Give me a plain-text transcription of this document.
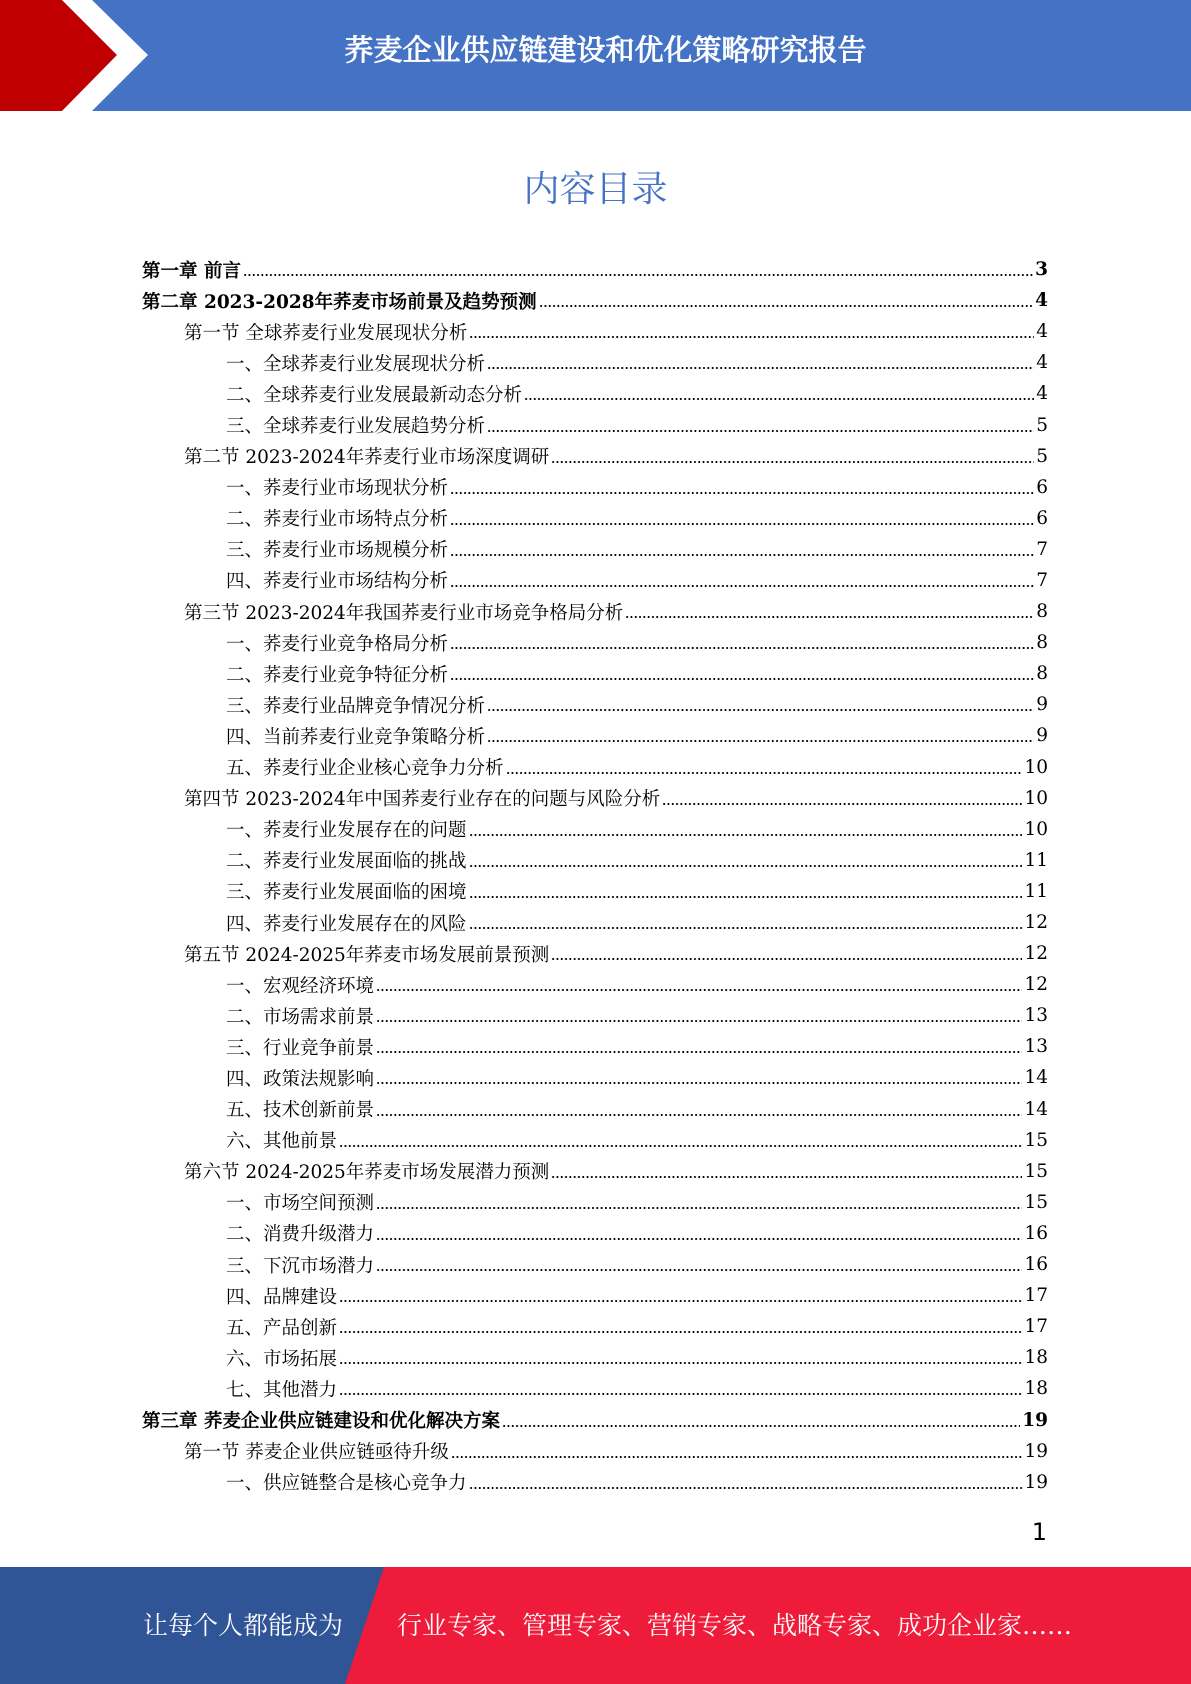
荞麦企业供应链建设和优化策略研究报告
内容目录
第一章 前言	3
第二章 2023-2028年荞麦市场前景及趋势预测	4
第一节 全球荞麦行业发展现状分析	4
一、全球荞麦行业发展现状分析	4
二、全球荞麦行业发展最新动态分析	4
三、全球荞麦行业发展趋势分析	5
第二节 2023-2024年荞麦行业市场深度调研	5
一、荞麦行业市场现状分析	6
二、荞麦行业市场特点分析	6
三、荞麦行业市场规模分析	7
四、荞麦行业市场结构分析	7
第三节 2023-2024年我国荞麦行业市场竞争格局分析	8
一、荞麦行业竞争格局分析	8
二、荞麦行业竞争特征分析	8
三、荞麦行业品牌竞争情况分析	9
四、当前荞麦行业竞争策略分析	9
五、荞麦行业企业核心竞争力分析	10
第四节 2023-2024年中国荞麦行业存在的问题与风险分析	10
一、荞麦行业发展存在的问题	10
二、荞麦行业发展面临的挑战	11
三、荞麦行业发展面临的困境	11
四、荞麦行业发展存在的风险	12
第五节 2024-2025年荞麦市场发展前景预测	12
一、宏观经济环境	12
二、市场需求前景	13
三、行业竞争前景	13
四、政策法规影响	14
五、技术创新前景	14
六、其他前景	15
第六节 2024-2025年荞麦市场发展潜力预测	15
一、市场空间预测	15
二、消费升级潜力	16
三、下沉市场潜力	16
四、品牌建设	17
五、产品创新	17
六、市场拓展	18
七、其他潜力	18
第三章 荞麦企业供应链建设和优化解决方案	19
第一节 荞麦企业供应链亟待升级	19
一、供应链整合是核心竞争力	19
1
让每个人都能成为 行业专家、管理专家、营销专家、战略专家、成功企业家……
